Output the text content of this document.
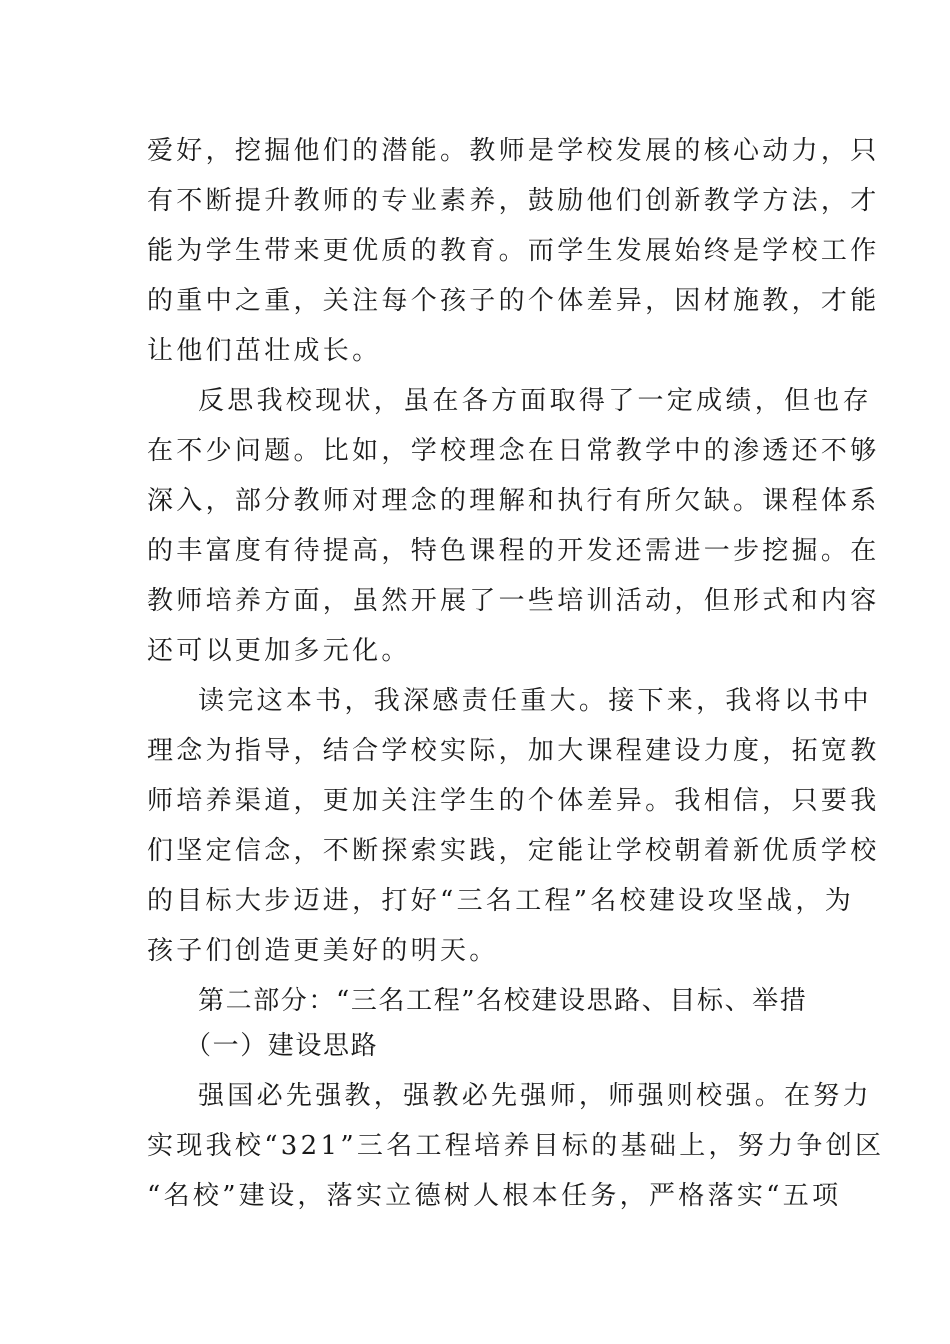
爱好，挖掘他们的潜能。教师是学校发展的核心动力，只
有不断提升教师的专业素养，鼓励他们创新教学方法，才
能为学生带来更优质的教育。而学生发展始终是学校工作
的重中之重，关注每个孩子的个体差异，因材施教，才能
让他们茁壮成长。
反思我校现状，虽在各方面取得了一定成绩，但也存
在不少问题。比如，学校理念在日常教学中的渗透还不够
深入，部分教师对理念的理解和执行有所欠缺。课程体系
的丰富度有待提高，特色课程的开发还需进一步挖掘。在
教师培养方面，虽然开展了一些培训活动，但形式和内容
还可以更加多元化。
读完这本书，我深感责任重大。接下来，我将以书中
理念为指导，结合学校实际，加大课程建设力度，拓宽教
师培养渠道，更加关注学生的个体差异。我相信，只要我
们坚定信念，不断探索实践，定能让学校朝着新优质学校
的目标大步迈进，打好“三名工程”名校建设攻坚战，为
孩子们创造更美好的明天。
第二部分：“三名工程”名校建设思路、目标、举措
（一）建设思路
强国必先强教，强教必先强师，师强则校强。在努力
实现我校“321”三名工程培养目标的基础上，努力争创区
“名校”建设，落实立德树人根本任务，严格落实“五项
